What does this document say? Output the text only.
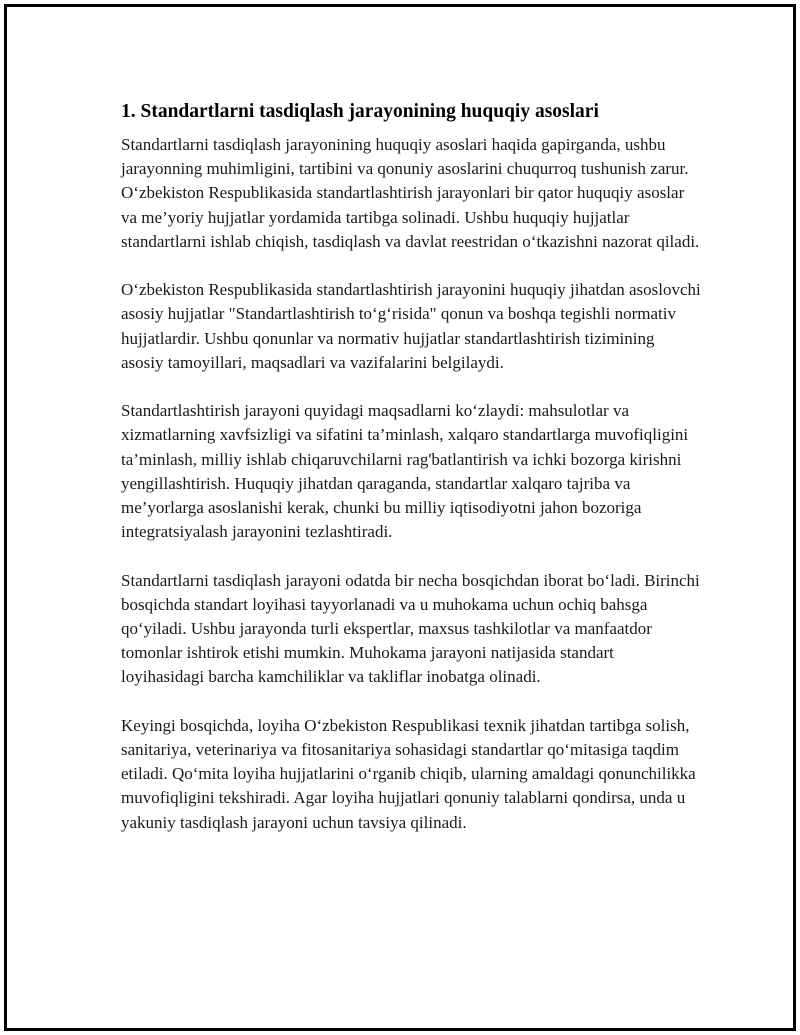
1. Standartlarni tasdiqlash jarayonining huquqiy asoslari

Standartlarni tasdiqlash jarayonining huquqiy asoslari haqida gapirganda, ushbu jarayonning muhimligini, tartibini va qonuniy asoslarini chuqurroq tushunish zarur. O‘zbekiston Respublikasida standartlashtirish jarayonlari bir qator huquqiy asoslar va me’yoriy hujjatlar yordamida tartibga solinadi. Ushbu huquqiy hujjatlar standartlarni ishlab chiqish, tasdiqlash va davlat reestridan o‘tkazishni nazorat qiladi.

O‘zbekiston Respublikasida standartlashtirish jarayonini huquqiy jihatdan asoslovchi asosiy hujjatlar "Standartlashtirish to‘g‘risida" qonun va boshqa tegishli normativ hujjatlardir. Ushbu qonunlar va normativ hujjatlar standartlashtirish tizimining asosiy tamoyillari, maqsadlari va vazifalarini belgilaydi.

Standartlashtirish jarayoni quyidagi maqsadlarni ko‘zlaydi: mahsulotlar va xizmatlarning xavfsizligi va sifatini ta’minlash, xalqaro standartlarga muvofiqligini ta’minlash, milliy ishlab chiqaruvchilarni rag'batlantirish va ichki bozorga kirishni yengillashtirish. Huquqiy jihatdan qaraganda, standartlar xalqaro tajriba va me’yorlarga asoslanishi kerak, chunki bu milliy iqtisodiyotni jahon bozoriga integratsiyalash jarayonini tezlashtiradi.

Standartlarni tasdiqlash jarayoni odatda bir necha bosqichdan iborat bo‘ladi. Birinchi bosqichda standart loyihasi tayyorlanadi va u muhokama uchun ochiq bahsga qo‘yiladi. Ushbu jarayonda turli ekspertlar, maxsus tashkilotlar va manfaatdor tomonlar ishtirok etishi mumkin. Muhokama jarayoni natijasida standart loyihasidagi barcha kamchiliklar va takliflar inobatga olinadi.

Keyingi bosqichda, loyiha O‘zbekiston Respublikasi texnik jihatdan tartibga solish, sanitariya, veterinariya va fitosanitariya sohasidagi standartlar qo‘mitasiga taqdim etiladi. Qo‘mita loyiha hujjatlarini o‘rganib chiqib, ularning amaldagi qonunchilikka muvofiqligini tekshiradi. Agar loyiha hujjatlari qonuniy talablarni qondirsa, unda u yakuniy tasdiqlash jarayoni uchun tavsiya qilinadi.
